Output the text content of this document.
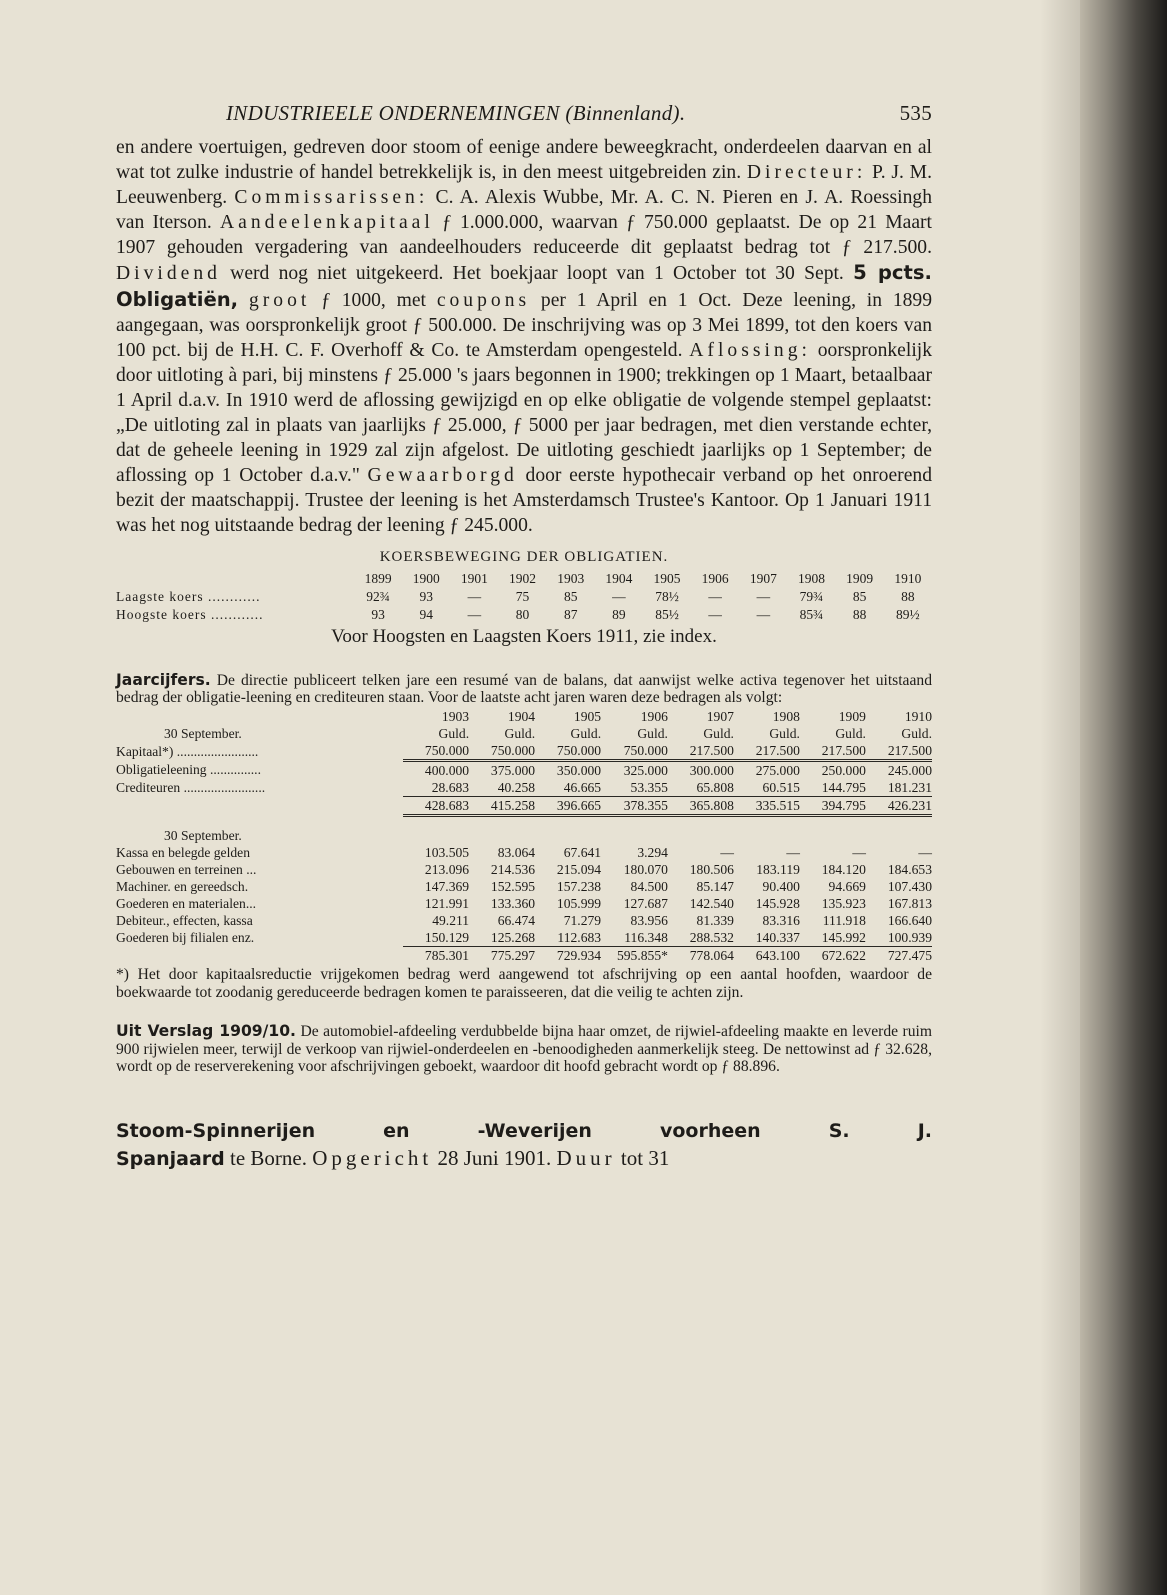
INDUSTRIEELE ONDERNEMINGEN (Binnenland).	535

en andere voertuigen, gedreven door stoom of eenige andere beweegkracht, onderdeelen daarvan en al wat tot zulke industrie of handel betrekkelijk is, in den meest uitgebreiden zin. Directeur: P. J. M. Leeuwenberg. Commissarissen: C. A. Alexis Wubbe, Mr. A. C. N. Pieren en J. A. Roessingh van Iterson. Aandeelenkapitaal ƒ 1.000.000, waarvan ƒ 750.000 geplaatst. De op 21 Maart 1907 gehouden vergadering van aandeelhouders reduceerde dit geplaatst bedrag tot ƒ 217.500. Dividend werd nog niet uitgekeerd. Het boekjaar loopt van 1 October tot 30 Sept. 5 pcts. Obligatiën, groot ƒ 1000, met coupons per 1 April en 1 Oct. Deze leening, in 1899 aangegaan, was oorspronkelijk groot ƒ 500.000. De inschrijving was op 3 Mei 1899, tot den koers van 100 pct. bij de H.H. C. F. Overhoff & Co. te Amsterdam opengesteld. Aflossing: oorspronkelijk door uitloting à pari, bij minstens ƒ 25.000 's jaars begonnen in 1900; trekkingen op 1 Maart, betaalbaar 1 April d.a.v. In 1910 werd de aflossing gewijzigd en op elke obligatie de volgende stempel geplaatst: „De uitloting zal in plaats van jaarlijks ƒ 25.000, ƒ 5000 per jaar bedragen, met dien verstande echter, dat de geheele leening in 1929 zal zijn afgelost. De uitloting geschiedt jaarlijks op 1 September; de aflossing op 1 October d.a.v." Gewaarborgd door eerste hypothecair verband op het onroerend bezit der maatschappij. Trustee der leening is het Amsterdamsch Trustee's Kantoor. Op 1 Januari 1911 was het nog uitstaande bedrag der leening ƒ 245.000.

KOERSBEWEGING DER OBLIGATIEN.
	1899	1900	1901	1902	1903	1904	1905	1906	1907	1908	1909	1910
Laagste koers ............	92¾	93	—	75	85	—	78½	—	—	79¾	85	88
Hoogste koers ............	93	94	—	80	87	89	85½	—	—	85¾	88	89½
Voor Hoogsten en Laagsten Koers 1911, zie index.

Jaarcijfers. De directie publiceert telken jare een resumé van de balans, dat aanwijst welke activa tegenover het uitstaand bedrag der obligatie-leening en crediteuren staan. Voor de laatste acht jaren waren deze bedragen als volgt:

	1903	1904	1905	1906	1907	1908	1909	1910
30 September.	Guld.	Guld.	Guld.	Guld.	Guld.	Guld.	Guld.	Guld.
Kapitaal*) ........................	750.000	750.000	750.000	750.000	217.500	217.500	217.500	217.500
Obligatieleening ...............	400.000	375.000	350.000	325.000	300.000	275.000	250.000	245.000
Crediteuren ........................	28.683	40.258	46.665	53.355	65.808	60.515	144.795	181.231
	428.683	415.258	396.665	378.355	365.808	335.515	394.795	426.231

30 September.								
Kassa en belegde gelden	103.505	83.064	67.641	3.294	—	—	—	—
Gebouwen en terreinen ...	213.096	214.536	215.094	180.070	180.506	183.119	184.120	184.653
Machiner. en gereedsch.	147.369	152.595	157.238	84.500	85.147	90.400	94.669	107.430
Goederen en materialen...	121.991	133.360	105.999	127.687	142.540	145.928	135.923	167.813
Debiteur., effecten, kassa	49.211	66.474	71.279	83.956	81.339	83.316	111.918	166.640
Goederen bij filialen enz.	150.129	125.268	112.683	116.348	288.532	140.337	145.992	100.939
	785.301	775.297	729.934	595.855*	778.064	643.100	672.622	727.475

*) Het door kapitaalsreductie vrijgekomen bedrag werd aangewend tot afschrijving op een aantal hoofden, waardoor de boekwaarde tot zoodanig gereduceerde bedragen komen te paraisseeren, dat die veilig te achten zijn.

Uit Verslag 1909/10. De automobiel-afdeeling verdubbelde bijna haar omzet, de rijwiel-afdeeling maakte en leverde ruim 900 rijwielen meer, terwijl de verkoop van rijwiel-onderdeelen en -benoodigheden aanmerkelijk steeg. De nettowinst ad ƒ 32.628, wordt op de reserverekening voor afschrijvingen geboekt, waardoor dit hoofd gebracht wordt op ƒ 88.896.

Stoom-Spinnerijen en -Weverijen voorheen S. J. Spanjaard te Borne. Opgericht 28 Juni 1901. Duur tot 31
